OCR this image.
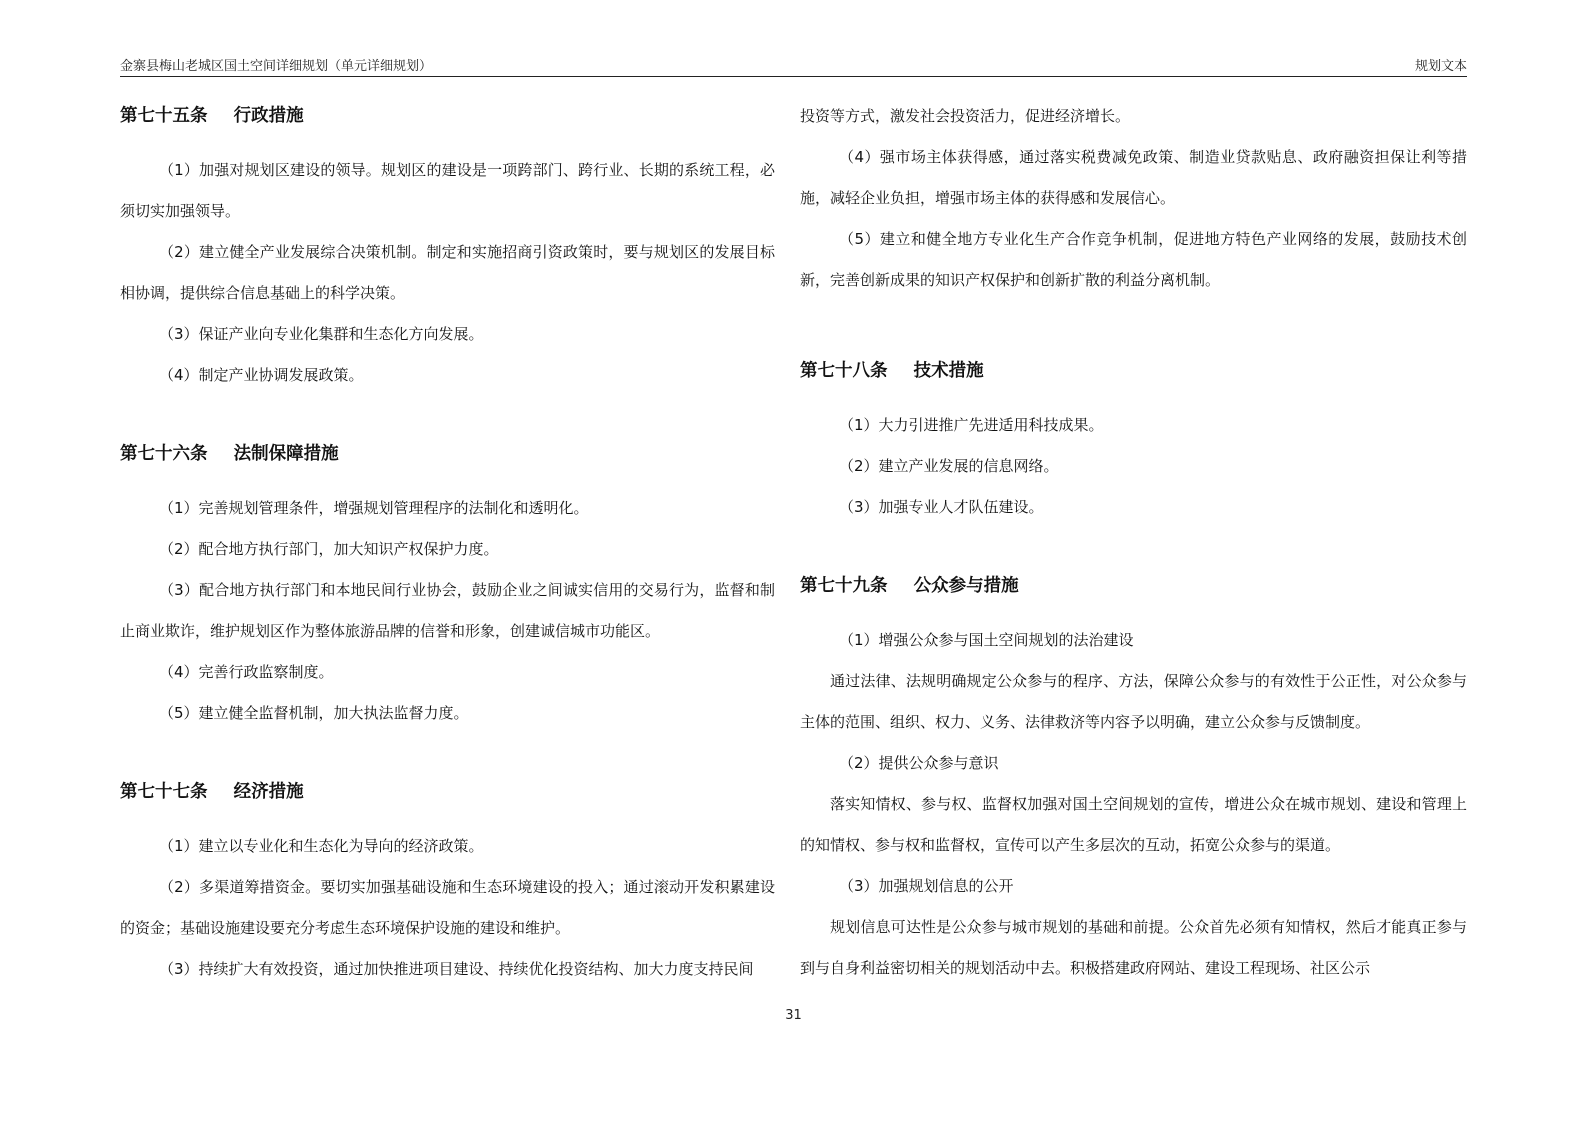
金寨县梅山老城区国土空间详细规划（单元详细规划）	规划文本
第七十五条 行政措施

（1）加强对规划区建设的领导。规划区的建设是一项跨部门、跨行业、长期的系统工程，必须切实加强领导。

（2）建立健全产业发展综合决策机制。制定和实施招商引资政策时，要与规划区的发展目标相协调，提供综合信息基础上的科学决策。

（3）保证产业向专业化集群和生态化方向发展。

（4）制定产业协调发展政策。

第七十六条 法制保障措施

（1）完善规划管理条件，增强规划管理程序的法制化和透明化。

（2）配合地方执行部门，加大知识产权保护力度。

（3）配合地方执行部门和本地民间行业协会，鼓励企业之间诚实信用的交易行为，监督和制止商业欺诈，维护规划区作为整体旅游品牌的信誉和形象，创建诚信城市功能区。

（4）完善行政监察制度。

（5）建立健全监督机制，加大执法监督力度。

第七十七条 经济措施

（1）建立以专业化和生态化为导向的经济政策。

（2）多渠道筹措资金。要切实加强基础设施和生态环境建设的投入；通过滚动开发积累建设的资金；基础设施建设要充分考虑生态环境保护设施的建设和维护。

（3）持续扩大有效投资，通过加快推进项目建设、持续优化投资结构、加大力度支持民间

投资等方式，激发社会投资活力，促进经济增长。

（4）强市场主体获得感，通过落实税费减免政策、制造业贷款贴息、政府融资担保让利等措施，减轻企业负担，增强市场主体的获得感和发展信心。

（5）建立和健全地方专业化生产合作竞争机制，促进地方特色产业网络的发展，鼓励技术创新，完善创新成果的知识产权保护和创新扩散的利益分离机制。

第七十八条 技术措施

（1）大力引进推广先进适用科技成果。

（2）建立产业发展的信息网络。

（3）加强专业人才队伍建设。

第七十九条 公众参与措施

（1）增强公众参与国土空间规划的法治建设

通过法律、法规明确规定公众参与的程序、方法，保障公众参与的有效性于公正性，对公众参与主体的范围、组织、权力、义务、法律救济等内容予以明确，建立公众参与反馈制度。

（2）提供公众参与意识

落实知情权、参与权、监督权加强对国土空间规划的宣传，增进公众在城市规划、建设和管理上的知情权、参与权和监督权，宣传可以产生多层次的互动，拓宽公众参与的渠道。

（3）加强规划信息的公开

规划信息可达性是公众参与城市规划的基础和前提。公众首先必须有知情权，然后才能真正参与到与自身利益密切相关的规划活动中去。积极搭建政府网站、建设工程现场、社区公示

31
